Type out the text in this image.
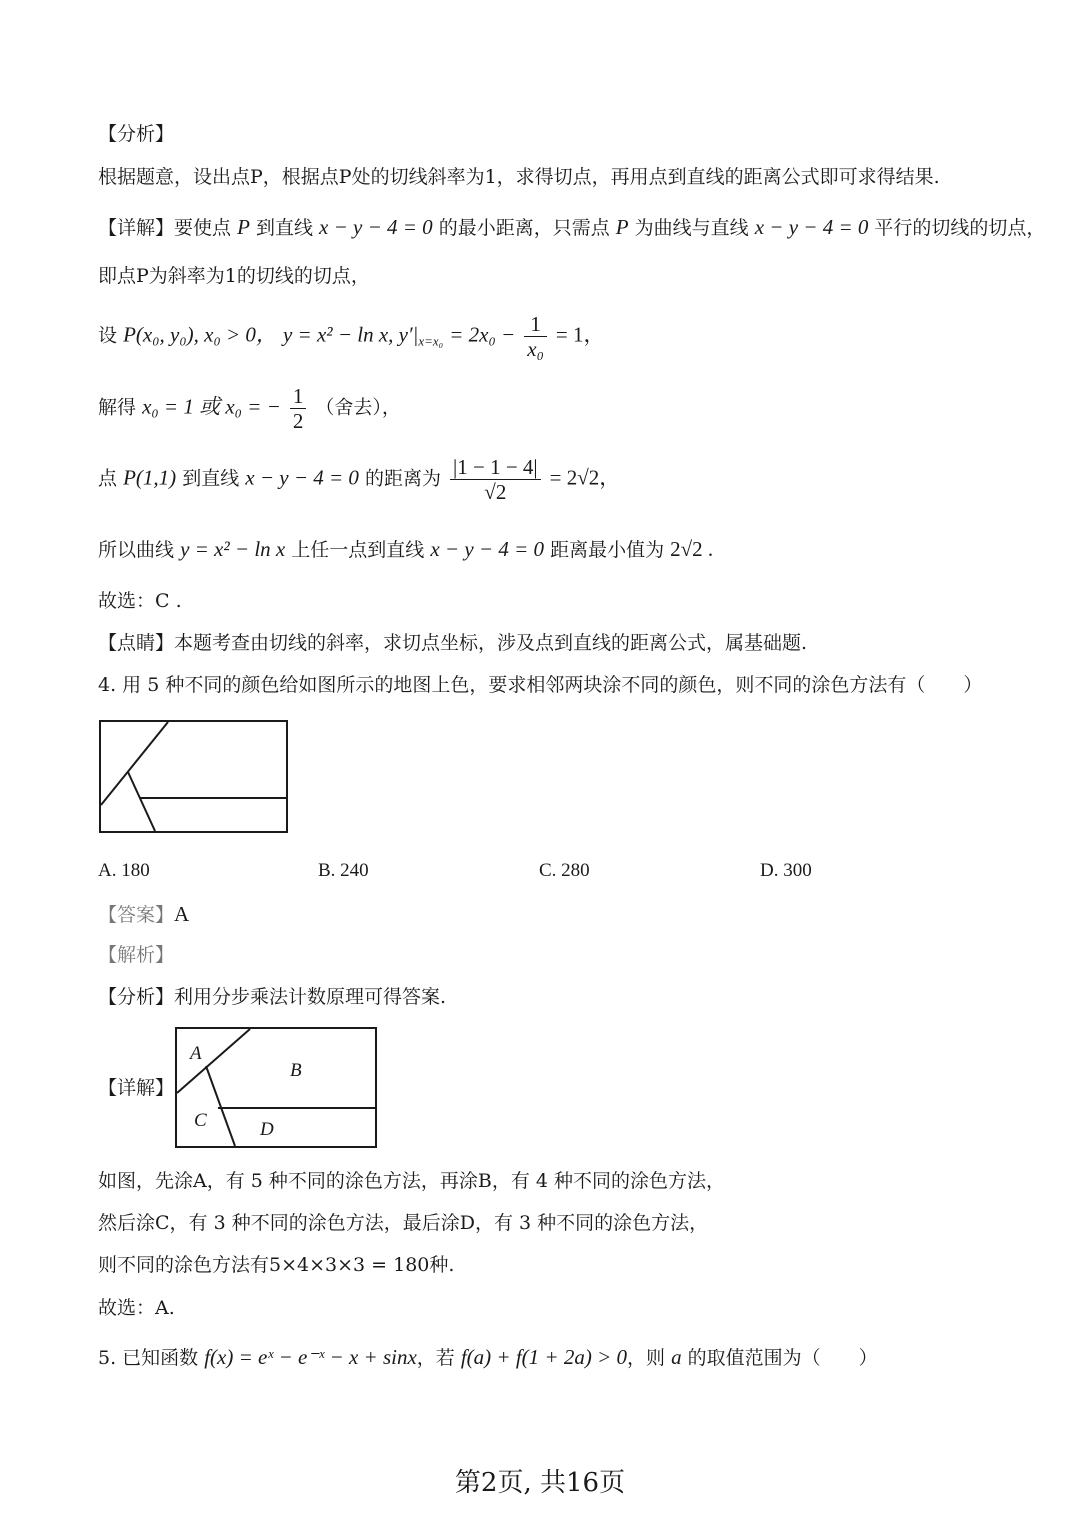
【分析】
根据题意，设出点P，根据点P处的切线斜率为1，求得切点，再用点到直线的距离公式即可求得结果.
【详解】要使点 P 到直线 x − y − 4 = 0 的最小距离，只需点 P 为曲线与直线 x − y − 4 = 0 平行的切线的切点，
即点P为斜率为1的切线的切点，
设 P(x₀, y₀), x₀ > 0， y = x² − ln x, $y'|_{x=x_0} = 2x_0 - \frac{1}{\text{x₀}} = 1$，
解得 x₀ = 1 或 x₀ = − $\frac{1}{2}$ （舍去），
点 P(1,1) 到直线 x − y − 4 = 0 的距离为 $\frac{|1 - 1 - 4|}{√2} = 2√2$，
所以曲线 y = x² − ln x 上任一点到直线 x − y − 4 = 0 距离最小值为 2√2 .
故选：C .
【点睛】本题考查由切线的斜率，求切点坐标，涉及点到直线的距离公式，属基础题.
4. 用 5 种不同的颜色给如图所示的地图上色，要求相邻两块涂不同的颜色，则不同的涂色方法有（　　）
A. 180	B. 240	C. 280	D. 300
【答案】A
【解析】
【分析】利用分步乘法计数原理可得答案.
【详解】
A
B
C	D
如图，先涂A，有 5 种不同的涂色方法，再涂B，有 4 种不同的涂色方法，
然后涂C，有 3 种不同的涂色方法，最后涂D，有 3 种不同的涂色方法，
则不同的涂色方法有5×4×3×3 = 180种.
故选：A.
5. 已知函数 f(x) = eˣ − e⁻ˣ − x + sinx，若 f(a) + f(1 + 2a) > 0，则 a 的取值范围为（　　）
第2页, 共16页
